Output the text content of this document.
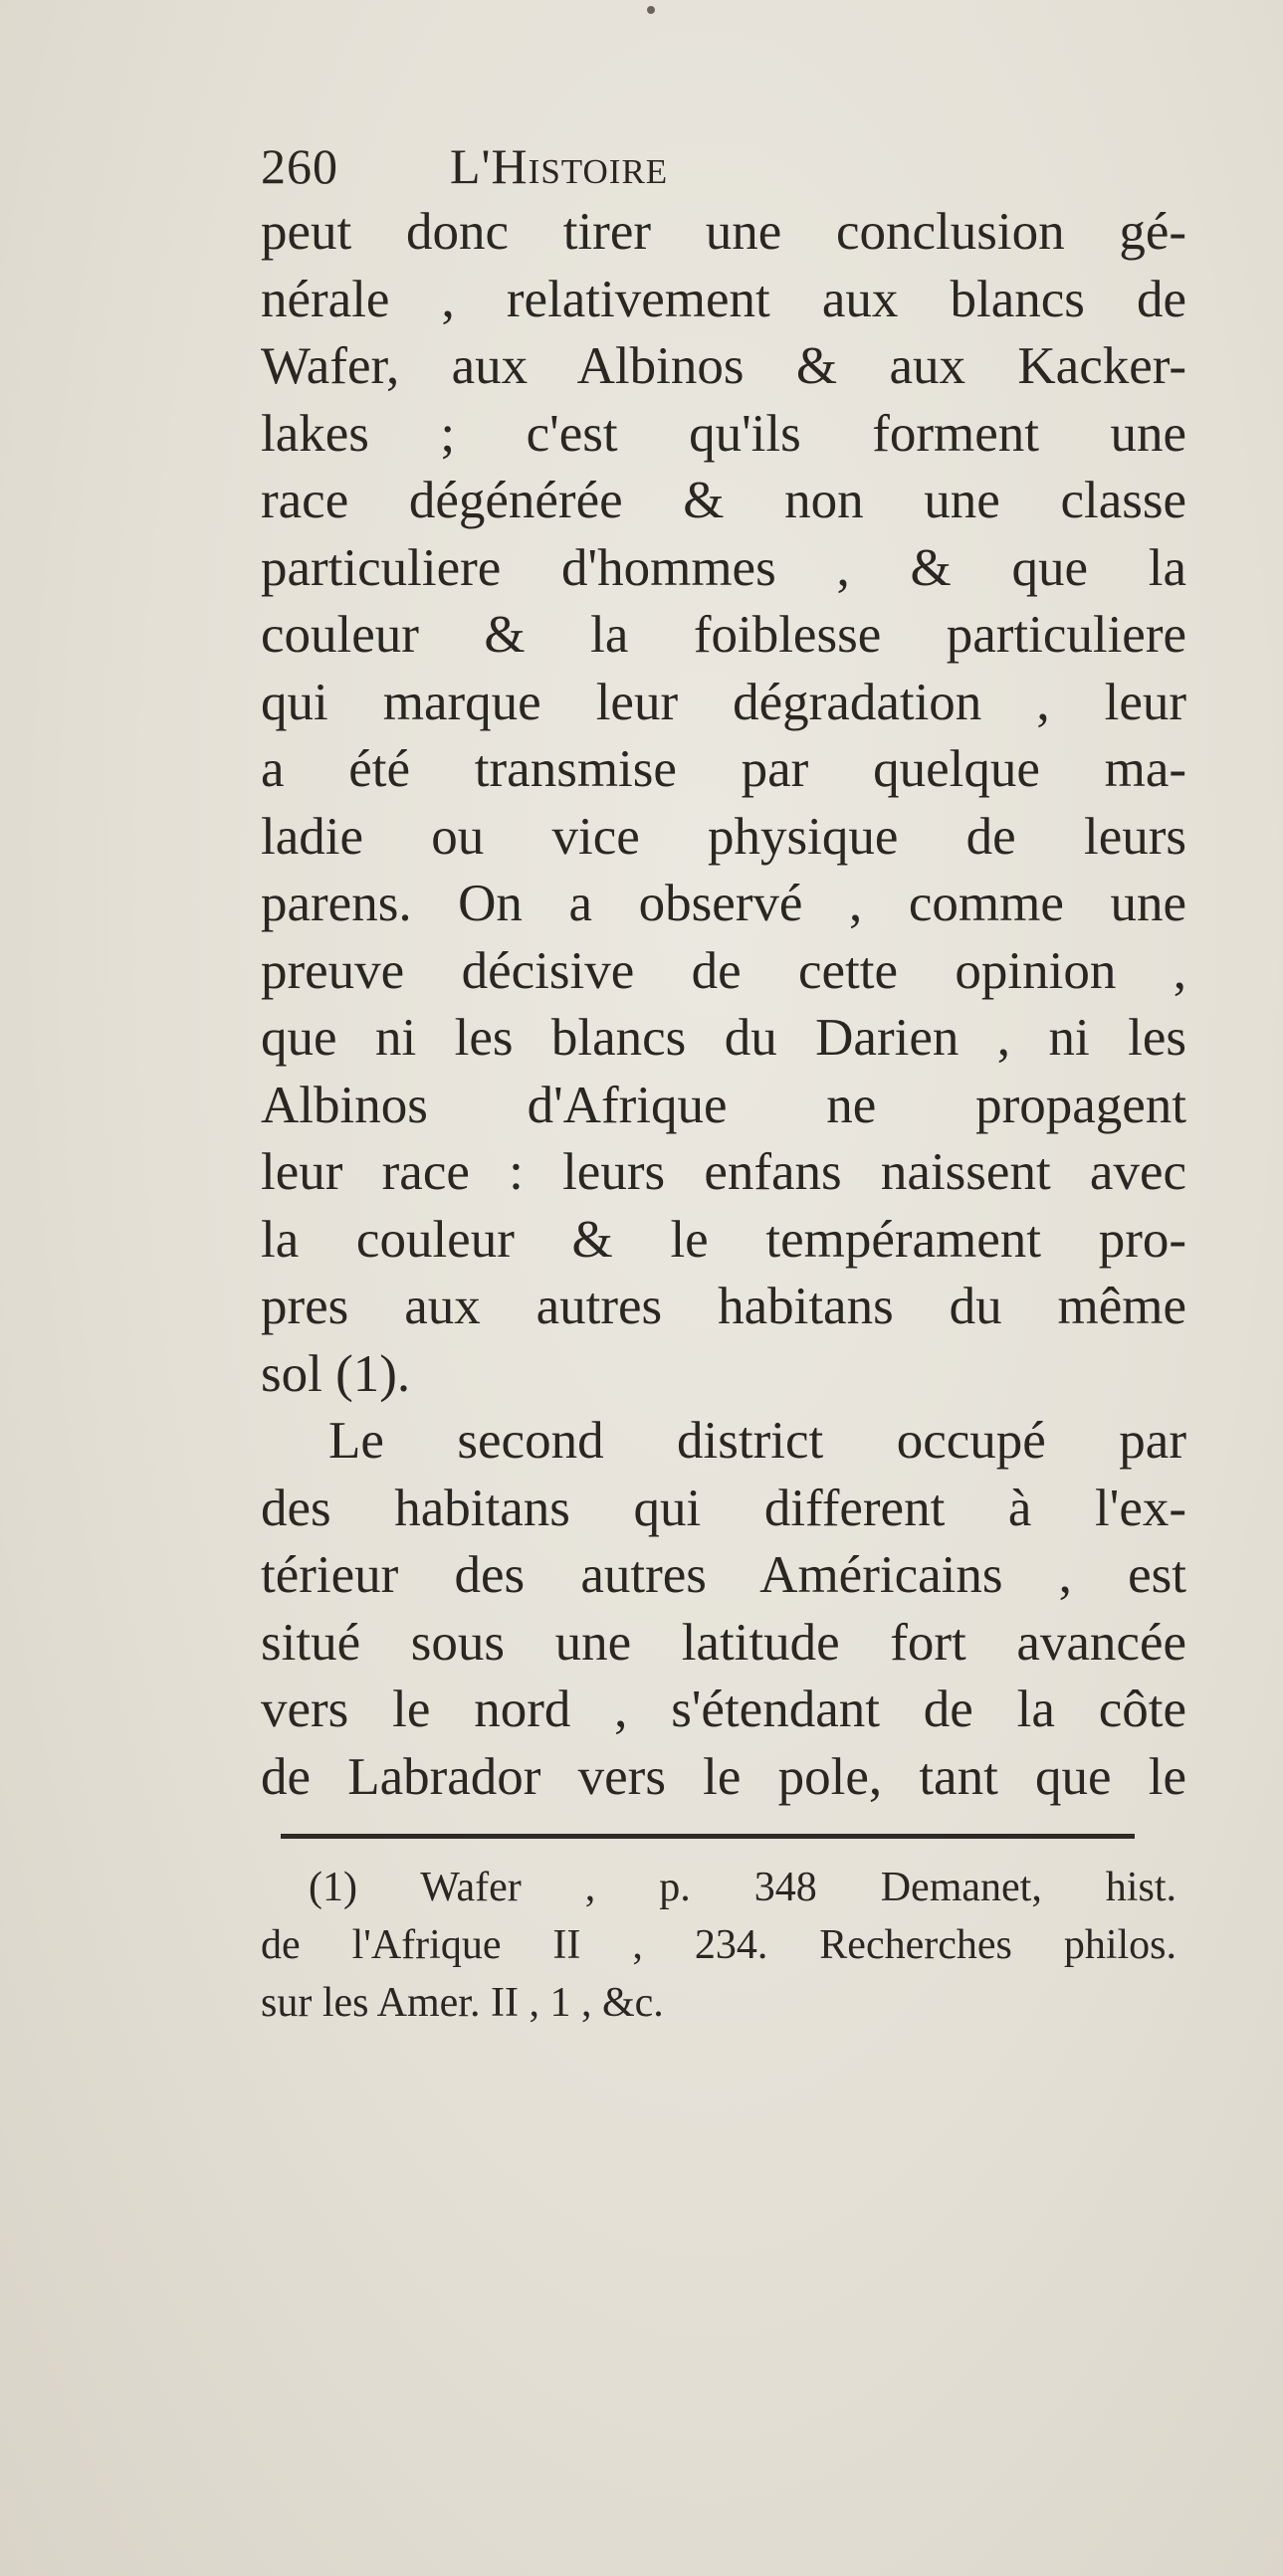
260 L'Histoire
peut donc tirer une conclusion gé-
nérale , relativement aux blancs de
Wafer, aux Albinos & aux Kacker-
lakes ; c'est qu'ils forment une
race dégénérée & non une classe
particuliere d'hommes , & que la
couleur & la foiblesse particuliere
qui marque leur dégradation , leur
a été transmise par quelque ma-
ladie ou vice physique de leurs
parens. On a observé , comme une
preuve décisive de cette opinion ,
que ni les blancs du Darien , ni les
Albinos d'Afrique ne propagent
leur race : leurs enfans naissent avec
la couleur & le tempérament pro-
pres aux autres habitans du même
sol (1).
Le second district occupé par
des habitans qui different à l'ex-
térieur des autres Américains , est
situé sous une latitude fort avancée
vers le nord , s'étendant de la côte
de Labrador vers le pole, tant que le
(1) Wafer , p. 348 Demanet, hist.
de l'Afrique II , 234. Recherches philos.
sur les Amer. II , 1 , &c.
